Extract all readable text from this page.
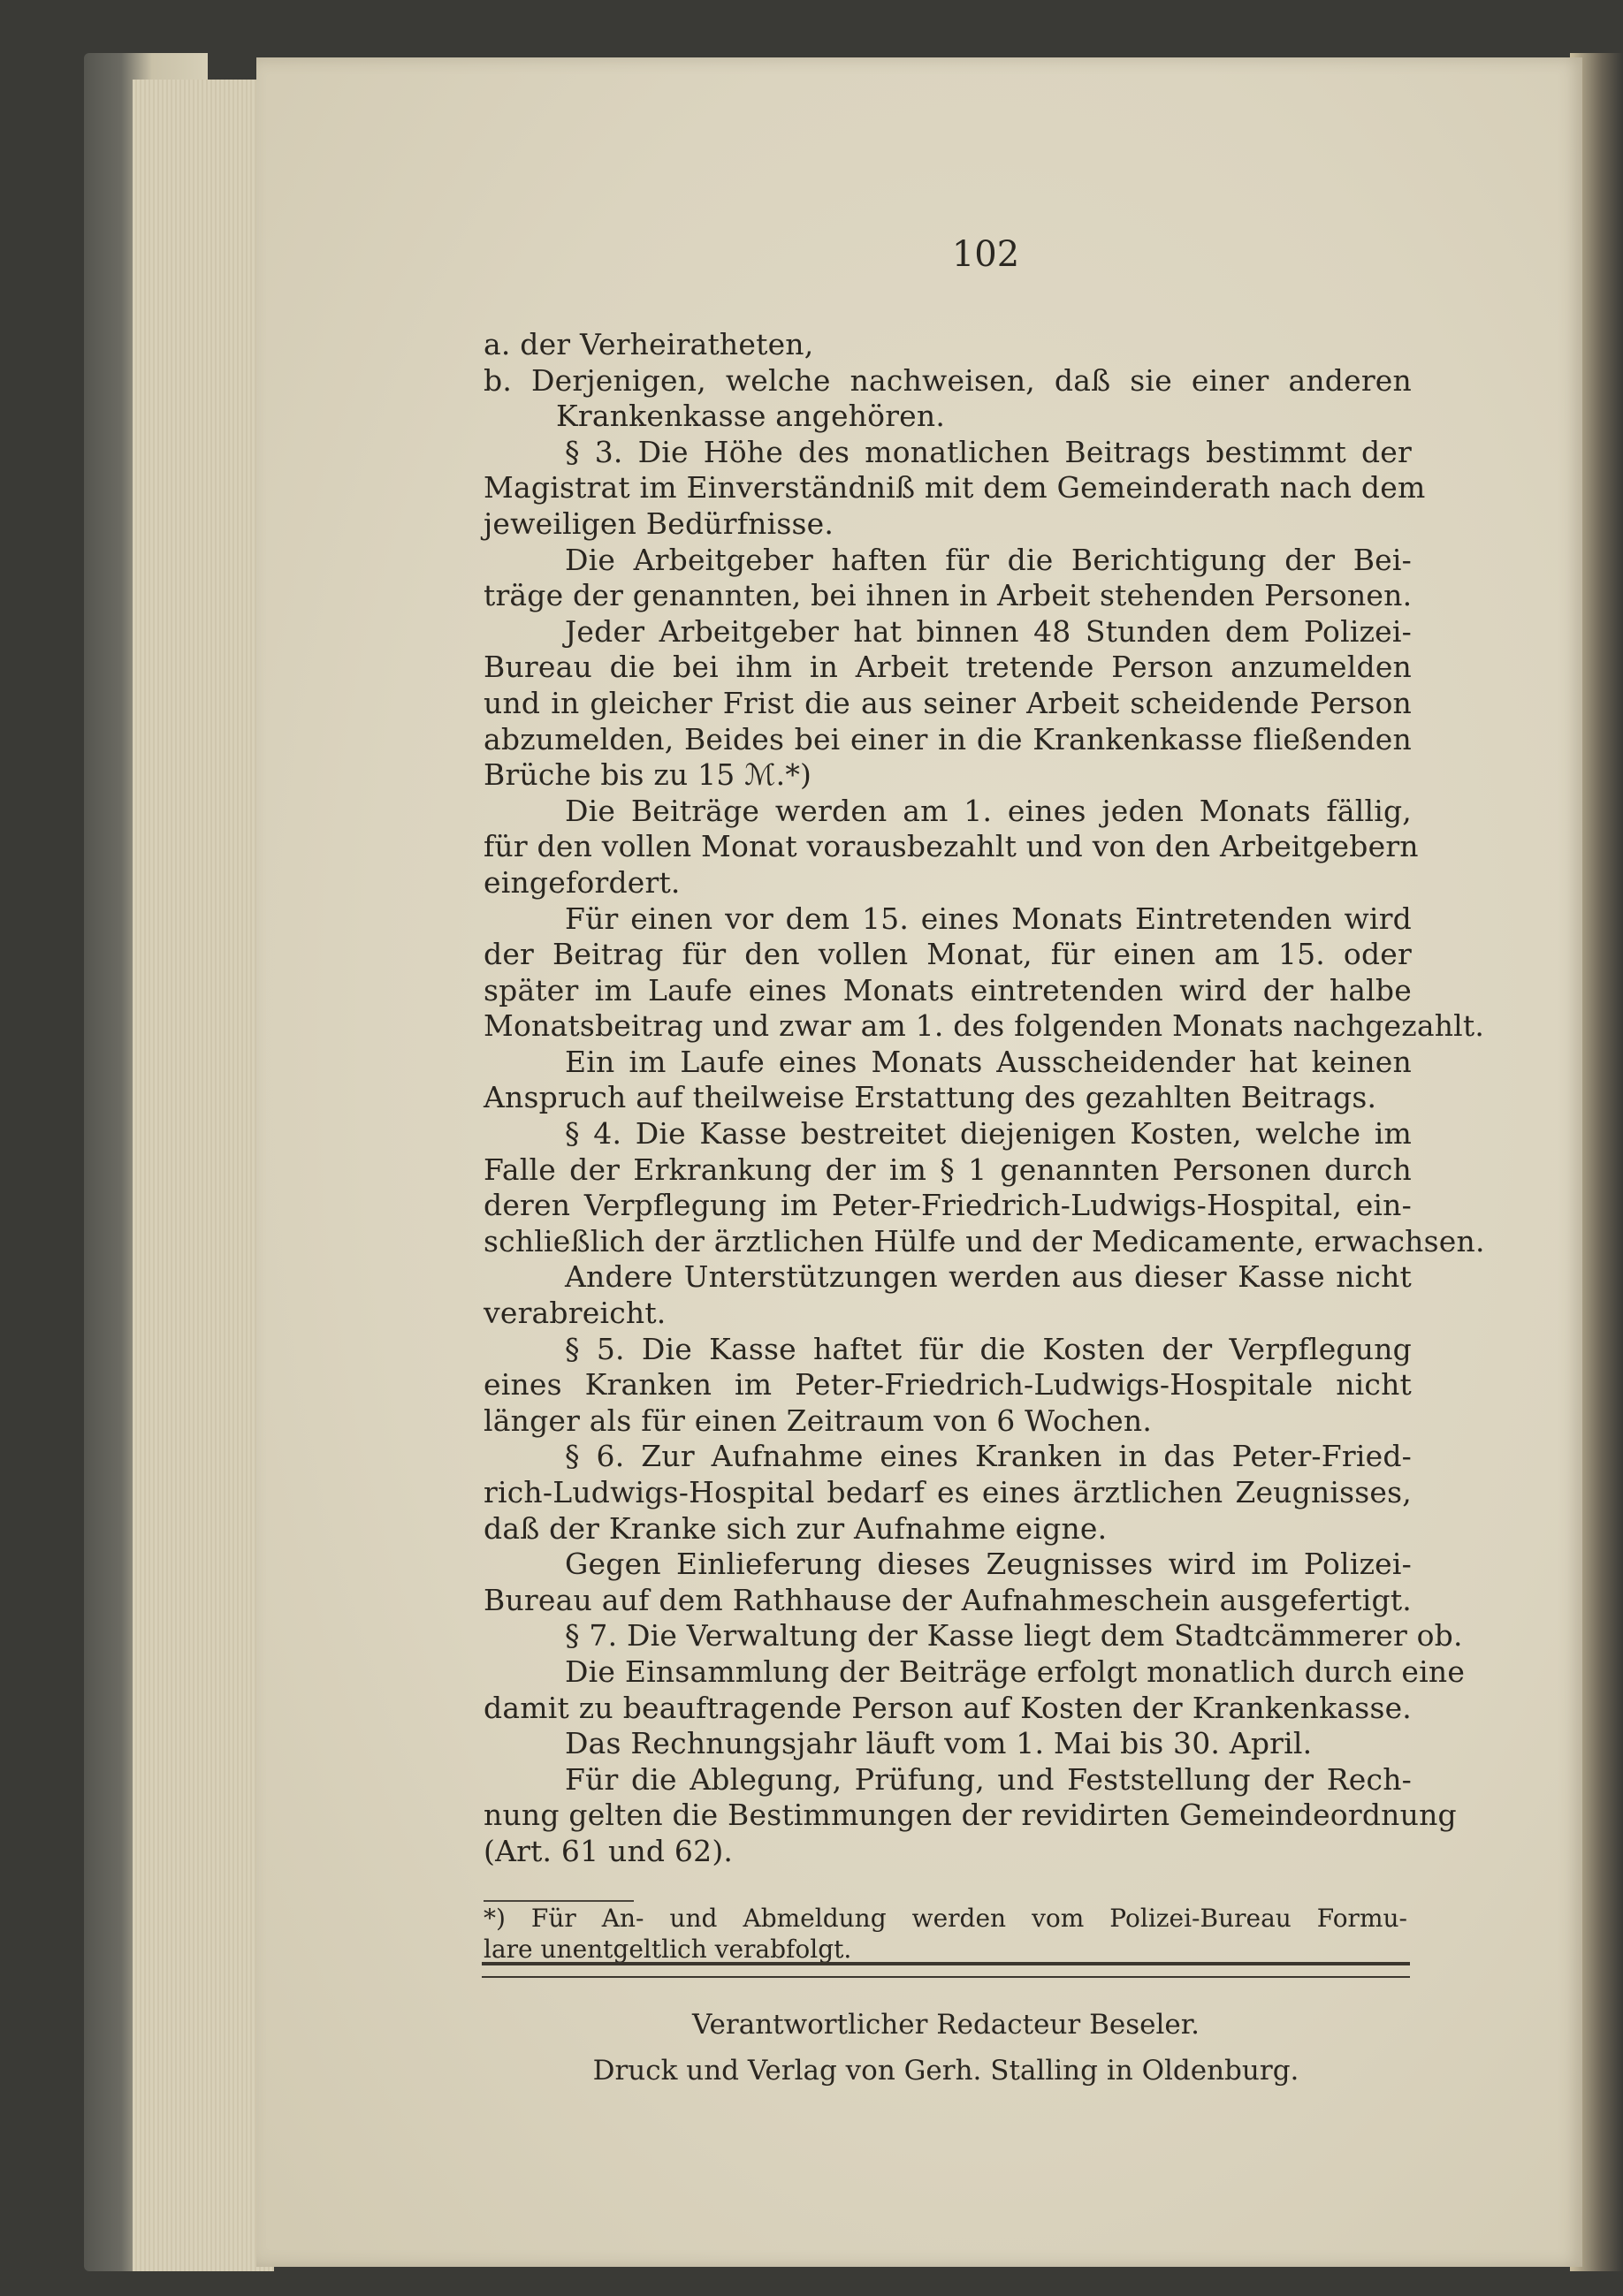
102
a. der Verheiratheten,
b. Derjenigen, welche nachweisen, daß sie einer anderen
Krankenkasse angehören.
§ 3. Die Höhe des monatlichen Beitrags bestimmt der
Magistrat im Einverständniß mit dem Gemeinderath nach dem
jeweiligen Bedürfnisse.
Die Arbeitgeber haften für die Berichtigung der Bei-
träge der genannten, bei ihnen in Arbeit stehenden Personen.
Jeder Arbeitgeber hat binnen 48 Stunden dem Polizei-
Bureau die bei ihm in Arbeit tretende Person anzumelden
und in gleicher Frist die aus seiner Arbeit scheidende Person
abzumelden, Beides bei einer in die Krankenkasse fließenden
Brüche bis zu 15 ℳ.*)
Die Beiträge werden am 1. eines jeden Monats fällig,
für den vollen Monat vorausbezahlt und von den Arbeitgebern
eingefordert.
Für einen vor dem 15. eines Monats Eintretenden wird
der Beitrag für den vollen Monat, für einen am 15. oder
später im Laufe eines Monats eintretenden wird der halbe
Monatsbeitrag und zwar am 1. des folgenden Monats nachgezahlt.
Ein im Laufe eines Monats Ausscheidender hat keinen
Anspruch auf theilweise Erstattung des gezahlten Beitrags.
§ 4. Die Kasse bestreitet diejenigen Kosten, welche im
Falle der Erkrankung der im § 1 genannten Personen durch
deren Verpflegung im Peter-Friedrich-Ludwigs-Hospital, ein-
schließlich der ärztlichen Hülfe und der Medicamente, erwachsen.
Andere Unterstützungen werden aus dieser Kasse nicht
verabreicht.
§ 5. Die Kasse haftet für die Kosten der Verpflegung
eines Kranken im Peter-Friedrich-Ludwigs-Hospitale nicht
länger als für einen Zeitraum von 6 Wochen.
§ 6. Zur Aufnahme eines Kranken in das Peter-Fried-
rich-Ludwigs-Hospital bedarf es eines ärztlichen Zeugnisses,
daß der Kranke sich zur Aufnahme eigne.
Gegen Einlieferung dieses Zeugnisses wird im Polizei-
Bureau auf dem Rathhause der Aufnahmeschein ausgefertigt.
§ 7. Die Verwaltung der Kasse liegt dem Stadtcämmerer ob.
Die Einsammlung der Beiträge erfolgt monatlich durch eine
damit zu beauftragende Person auf Kosten der Krankenkasse.
Das Rechnungsjahr läuft vom 1. Mai bis 30. April.
Für die Ablegung, Prüfung, und Feststellung der Rech-
nung gelten die Bestimmungen der revidirten Gemeindeordnung
(Art. 61 und 62).
*) Für An- und Abmeldung werden vom Polizei-Bureau Formu-
lare unentgeltlich verabfolgt.
Verantwortlicher Redacteur Beseler.
Druck und Verlag von Gerh. Stalling in Oldenburg.
